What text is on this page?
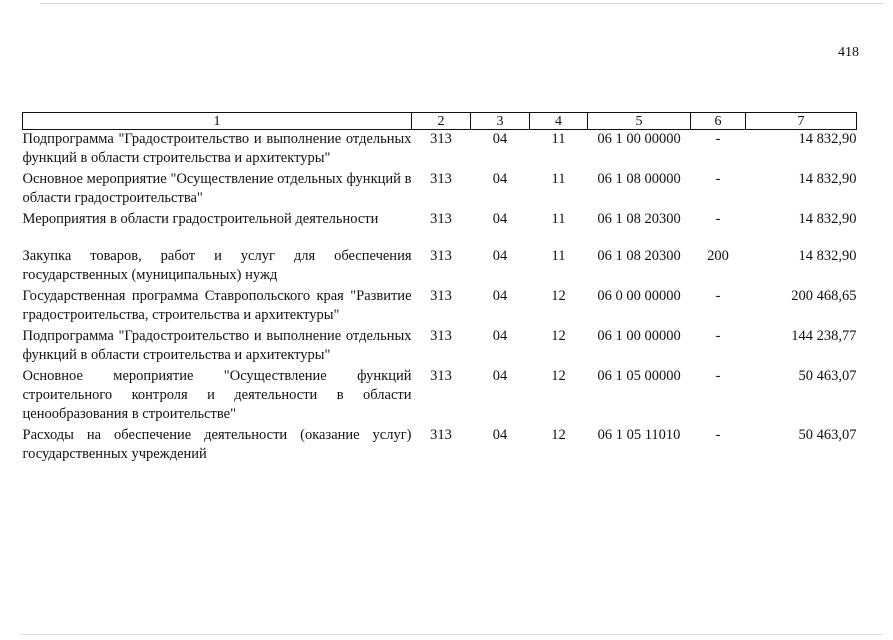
418
1	2	3	4	5	6	7
Подпрограмма "Градостроительство и выполнение отдельных функций в области строительства и архитектуры"	313	04	11	06 1 00 00000	-	14 832,90
Основное мероприятие "Осуществление отдельных функций в области градостроительства"	313	04	11	06 1 08 00000	-	14 832,90
Мероприятия в области градостроительной деятельности	313	04	11	06 1 08 20300	-	14 832,90
Закупка товаров, работ и услуг для обеспечения государственных (муниципальных) нужд	313	04	11	06 1 08 20300	200	14 832,90
Государственная программа Ставропольского края "Развитие градостроительства, строительства и архитектуры"	313	04	12	06 0 00 00000	-	200 468,65
Подпрограмма "Градостроительство и выполнение отдельных функций в области строительства и архитектуры"	313	04	12	06 1 00 00000	-	144 238,77
Основное мероприятие "Осуществление функций строительного контроля и деятельности в области ценообразования в строительстве"	313	04	12	06 1 05 00000	-	50 463,07
Расходы на обеспечение деятельности (оказание услуг) государственных учреждений	313	04	12	06 1 05 11010	-	50 463,07
